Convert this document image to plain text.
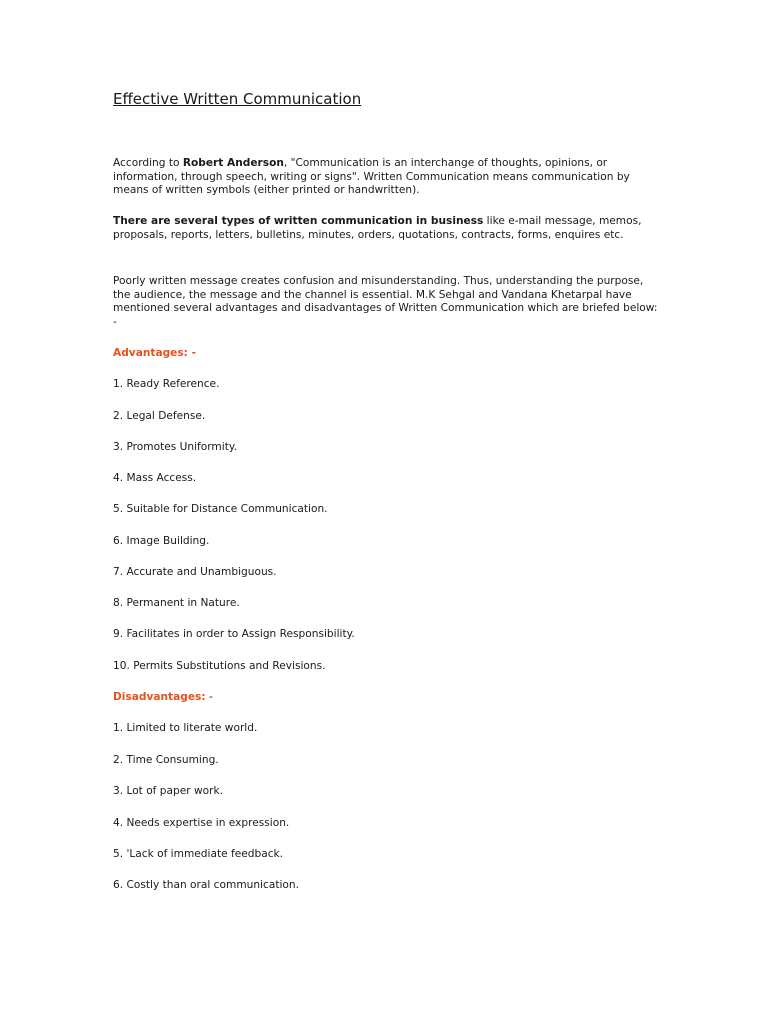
Effective Written Communication

According to Robert Anderson, "Communication is an interchange of thoughts, opinions, or information, through speech, writing or signs". Written Communication means communication by means of written symbols (either printed or handwritten).

There are several types of written communication in business like e-mail message, memos, proposals, reports, letters, bulletins, minutes, orders, quotations, contracts, forms, enquires etc.

Poorly written message creates confusion and misunderstanding. Thus, understanding the purpose, the audience, the message and the channel is essential. M.K Sehgal and Vandana Khetarpal have mentioned several advantages and disadvantages of Written Communication which are briefed below: -

Advantages: -

1. Ready Reference.

2. Legal Defense.

3. Promotes Uniformity.

4. Mass Access.

5. Suitable for Distance Communication.

6. Image Building.

7. Accurate and Unambiguous.

8. Permanent in Nature.

9. Facilitates in order to Assign Responsibility.

10. Permits Substitutions and Revisions.

Disadvantages: -

1. Limited to literate world.

2. Time Consuming.

3. Lot of paper work.

4. Needs expertise in expression.

5. 'Lack of immediate feedback.

6. Costly than oral communication.
